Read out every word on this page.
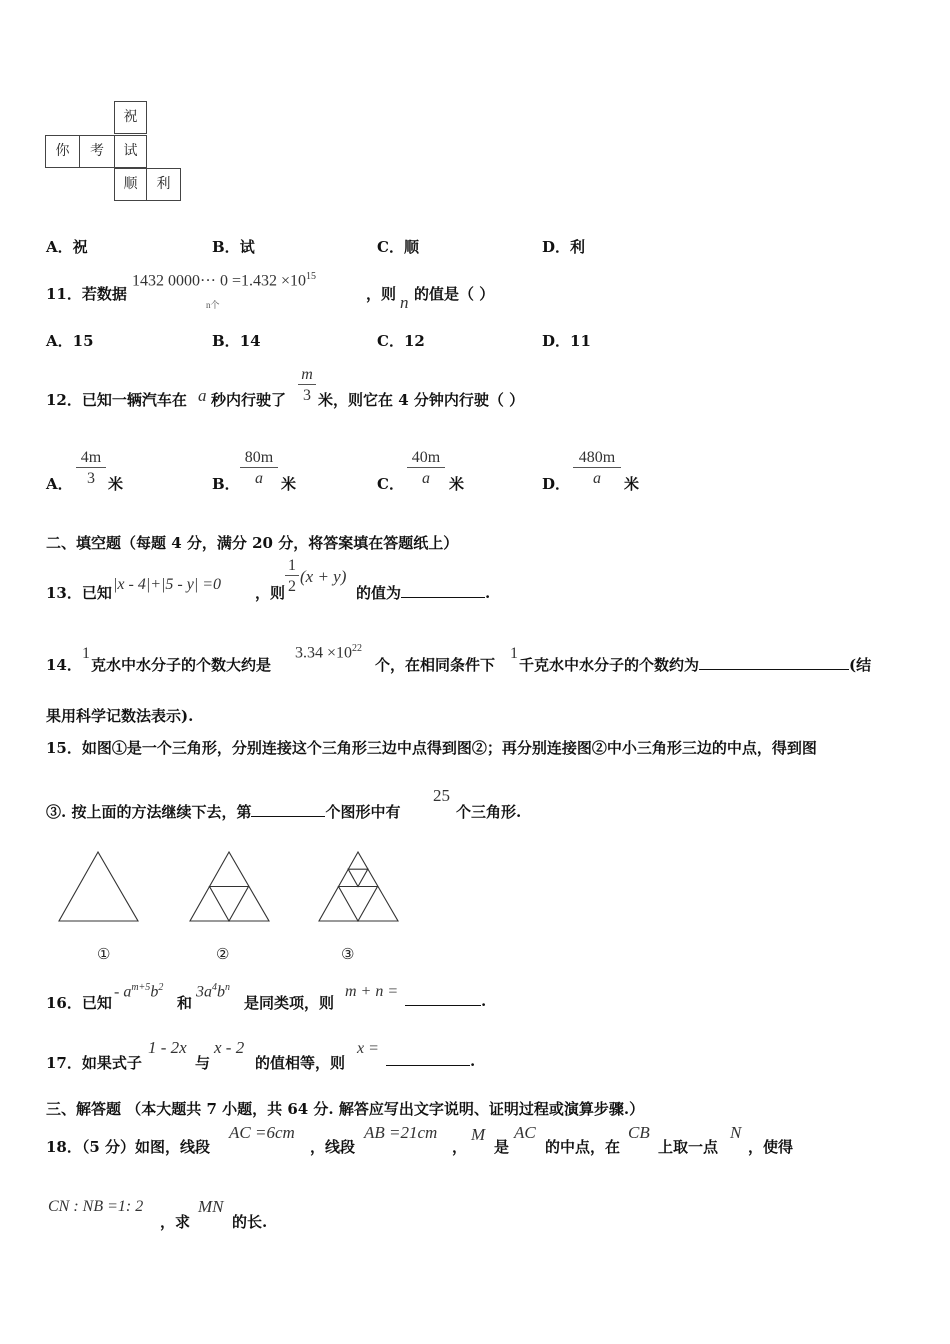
祝
你	考	试
顺	利
A．祝	B．试	C．顺	D．利
11．若数据
1432 $0000\cdot\cdot\cdot 0 =1.432 \times 10^{15}$
n个
，则 n 的值是（ ）
A．15	B．14	C．12	D．11
12．已知一辆汽车在 a 秒内行驶了
m
3 米，则它在 4 分钟内行驶（ ）
A．
4m
3 米	B．
80m
a	米	C．
40m
a	米	D．
480m
a	米
二、填空题（每题 4 分，满分 20 分，将答案填在答题纸上）
13．已知 |x - 4|+|5 - y| =0 ，则
1
2
(x + y)
的值为	.
14．
1
克水中水分子的个数大约是
$3.34 \times 10^{22}$
个，在相同条件下
1
千克水中水分子的个数约为	(结
果用科学记数法表示).
15．如图①是一个三角形，分别连接这个三角形三边中点得到图②；再分别连接图②中小三角形三边的中点，得到图
③. 按上面的方法继续下去，第	个图形中有
25
个三角形.
①	②	③
16．已知
- $a^{m+5}b^2$
和
$3a^4b^n$
是同类项，则
m + n =
.
17．如果式子
1 - 2x
与
x - 2
的值相等，则
x =
.
三、解答题 （本大题共 7 小题，共 64 分. 解答应写出文字说明、证明过程或演算步骤.）
18．（5 分）如图，线段
AC =6cm
，线段
AB =21cm
，
M
是
AC
的中点，在
CB
上取一点
N
，使得
CN : NB =1: 2
，求
MN
的长.
